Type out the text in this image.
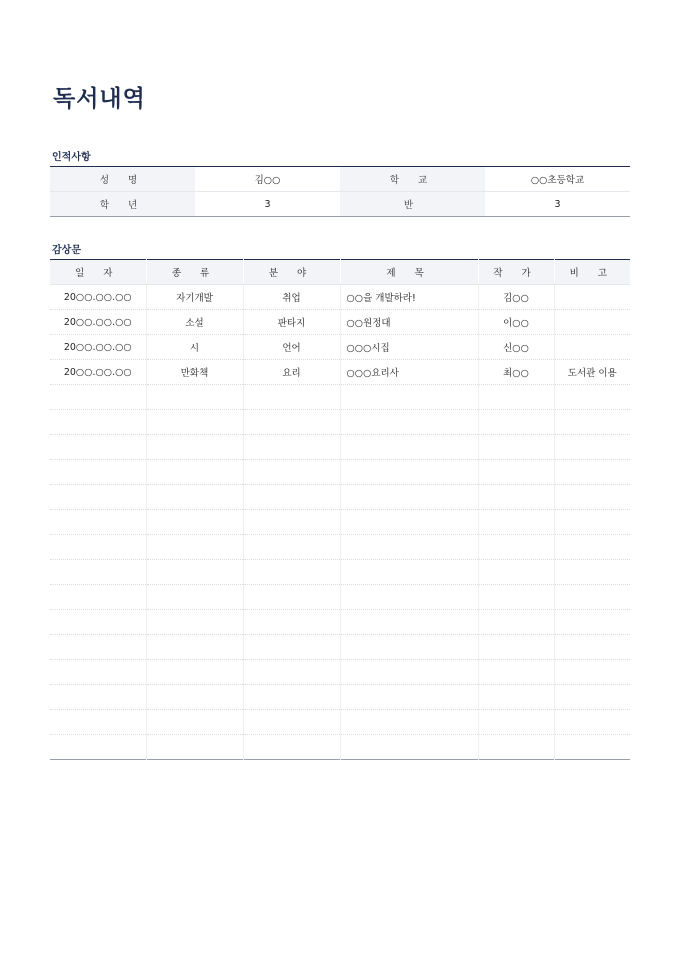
독서내역
인적사항
성 명	김○○	학 교	○○초등학교
학 년	3	반	3
감상문
일 자	종 류	분 야	제 목	작 가	비 고
20○○.○○.○○	자기개발	취업	○○을 개발하라!	김○○	
20○○.○○.○○	소설	판타지	○○원정대	이○○	
20○○.○○.○○	시	언어	○○○시집	신○○	
20○○.○○.○○	만화책	요리	○○○요리사	최○○	도서관 이용
